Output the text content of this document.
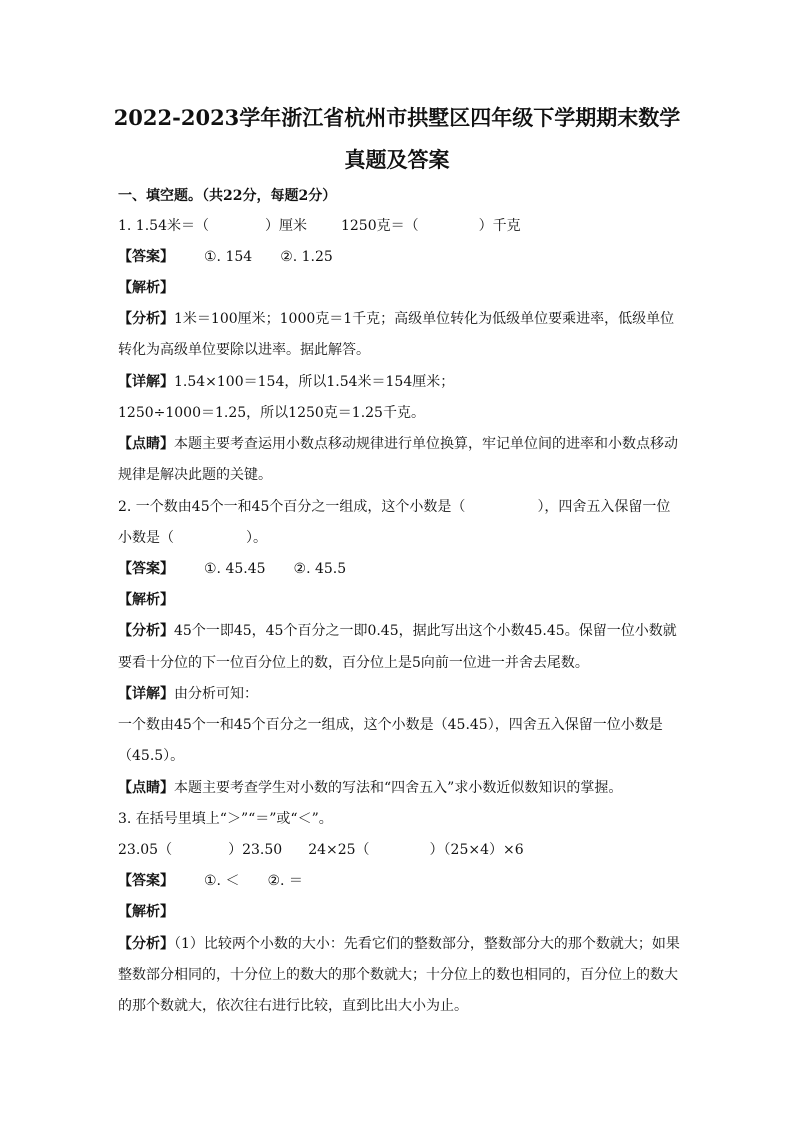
2022-2023学年浙江省杭州市拱墅区四年级下学期期末数学
真题及答案
一、填空题。（共22分，每题2分）
1. 1.54米＝（	）厘米 1250克＝（	）千克
【答案】 ①. 154 ②. 1.25
【解析】
【分析】1米＝100厘米；1000克＝1千克；高级单位转化为低级单位要乘进率，低级单位
转化为高级单位要除以进率。据此解答。
【详解】1.54×100＝154，所以1.54米＝154厘米；
1250÷1000＝1.25，所以1250克＝1.25千克。
【点睛】本题主要考查运用小数点移动规律进行单位换算，牢记单位间的进率和小数点移动
规律是解决此题的关键。
2. 一个数由45个一和45个百分之一组成，这个小数是（	），四舍五入保留一位
小数是（	）。
【答案】 ①. 45.45 ②. 45.5
【解析】
【分析】45个一即45，45个百分之一即0.45，据此写出这个小数45.45。保留一位小数就
要看十分位的下一位百分位上的数，百分位上是5向前一位进一并舍去尾数。
【详解】由分析可知：
一个数由45个一和45个百分之一组成，这个小数是（45.45），四舍五入保留一位小数是
（45.5）。
【点睛】本题主要考查学生对小数的写法和“四舍五入”求小数近似数知识的掌握。
3. 在括号里填上“＞”“＝”或“＜”。
23.05（	）23.50 24×25（	）（25×4）×6
【答案】 ①. ＜ ②. ＝
【解析】
【分析】（1）比较两个小数的大小：先看它们的整数部分，整数部分大的那个数就大；如果
整数部分相同的，十分位上的数大的那个数就大；十分位上的数也相同的，百分位上的数大
的那个数就大，依次往右进行比较，直到比出大小为止。
